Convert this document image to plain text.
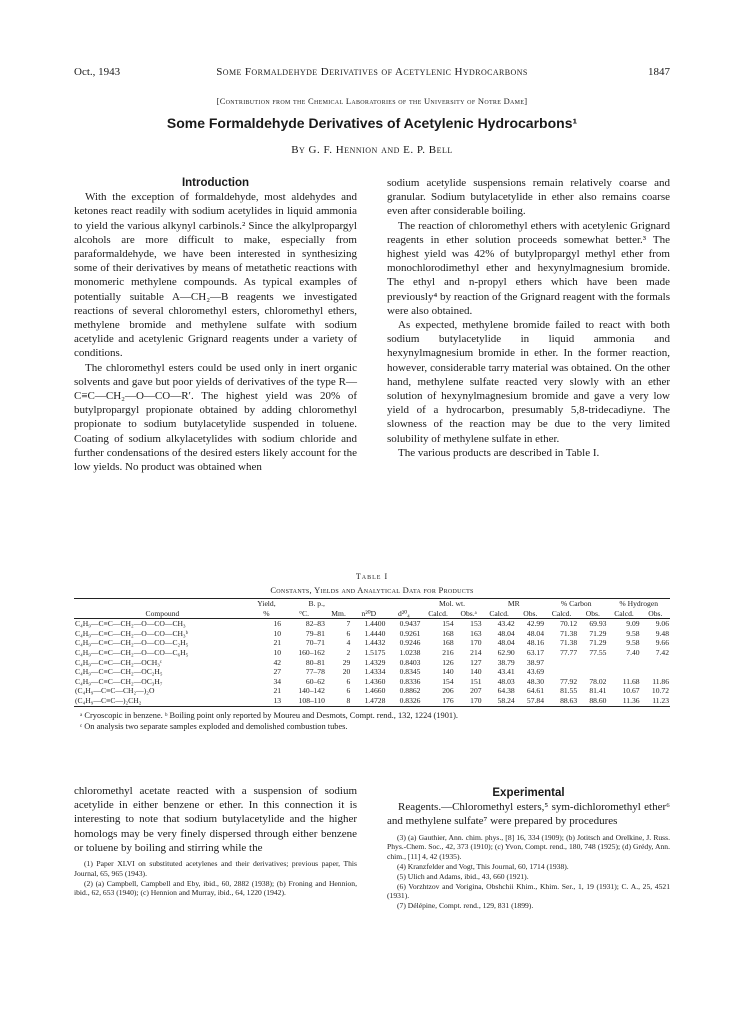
Oct., 1943	Some Formaldehyde Derivatives of Acetylenic Hydrocarbons	1847
[Contribution from the Chemical Laboratories of the University of Notre Dame]
Some Formaldehyde Derivatives of Acetylenic Hydrocarbons¹
By G. F. Hennion and E. P. Bell

Introduction

With the exception of formaldehyde, most aldehydes and ketones react readily with sodium acetylides in liquid ammonia to yield the various alkynyl carbinols.² Since the alkylpropargyl alcohols are more difficult to make, especially from paraformaldehyde, we have been interested in synthesizing some of their derivatives by means of metathetic reactions with monomeric methylene compounds. As typical examples of potentially suitable A—CH₂—B reagents we investigated reactions of several chloromethyl esters, chloromethyl ethers, methylene bromide and methylene sulfate with sodium acetylide and acetylenic Grignard reagents under a variety of conditions.

The chloromethyl esters could be used only in inert organic solvents and gave but poor yields of derivatives of the type R—C≡C—CH₂—O—CO—R′. The highest yield was 20% of butylpropargyl propionate obtained by adding chloromethyl propionate to sodium butylacetylide suspended in toluene. Coating of sodium alkylacetylides with sodium chloride and further condensations of the desired esters likely account for the low yields. No product was obtained when

sodium acetylide suspensions remain relatively coarse and granular. Sodium butylacetylide in ether also remains coarse even after considerable boiling.

The reaction of chloromethyl ethers with acetylenic Grignard reagents in ether solution proceeds somewhat better.³ The highest yield was 42% of butylpropargyl methyl ether from monochlorodimethyl ether and hexynylmagnesium bromide. The ethyl and n-propyl ethers which have been made previously⁴ by reaction of the Grignard reagent with the formals were also obtained.

As expected, methylene bromide failed to react with both sodium butylacetylide in liquid ammonia and hexynylmagnesium bromide in ether. In the former reaction, however, considerable tarry material was obtained. On the other hand, methylene sulfate reacted very slowly with an ether solution of hexynylmagnesium bromide and gave a very low yield of a hydrocarbon, presumably 5,8-tridecadiyne. The slowness of the reaction may be due to the very limited solubility of methylene sulfate in ether.

The various products are described in Table I.

Table I
Constants, Yields and Analytical Data for Products
	Yield,	B. p.,				Mol. wt.		MR		% Carbon		% Hydrogen	
Compound	%	°C.	Mm.	n²⁰D	d²⁰₄	Calcd.	Obs.ᵃ	Calcd.	Obs.	Calcd.	Obs.	Calcd.	Obs.
C₄H₉—C≡C—CH₂—O—CO—CH₃	16	82–83	7	1.4400	0.9437	154	153	43.42	42.99	70.12	69.93	9.09	9.06
C₄H₉—C≡C—CH₂—O—CO—CH₃ᵇ	10	79–81	6	1.4440	0.9261	168	163	48.04	48.04	71.38	71.29	9.58	9.48
C₄H₉—C≡C—CH₂—O—CO—C₂H₅	21	70–71	4	1.4432	0.9246	168	170	48.04	48.16	71.38	71.29	9.58	9.66
C₄H₉—C≡C—CH₂—O—CO—C₆H₅	10	160–162	2	1.5175	1.0238	216	214	62.90	63.17	77.77	77.55	7.40	7.42
C₄H₉—C≡C—CH₂—OCH₃ᶜ	42	80–81	29	1.4329	0.8403	126	127	38.79	38.97				
C₄H₉—C≡C—CH₂—OC₂H₅	27	77–78	20	1.4334	0.8345	140	140	43.41	43.69				
C₄H₉—C≡C—CH₂—OC₃H₇	34	60–62	6	1.4360	0.8336	154	151	48.03	48.30	77.92	78.02	11.68	11.86
(C₄H₉—C≡C—CH₂—)₂O	21	140–142	6	1.4660	0.8862	206	207	64.38	64.61	81.55	81.41	10.67	10.72
(C₄H₉—C≡C—)₂CH₂	13	108–110	8	1.4728	0.8326	176	170	58.24	57.84	88.63	88.60	11.36	11.23
ᵃ Cryoscopic in benzene. ᵇ Boiling point only reported by Moureu and Desmots, Compt. rend., 132, 1224 (1901).
ᶜ On analysis two separate samples exploded and demolished combustion tubes.

chloromethyl acetate reacted with a suspension of sodium acetylide in either benzene or ether. In this connection it is interesting to note that sodium butylacetylide and the higher homologs may be very finely dispersed through either benzene or toluene by boiling and stirring while the

(1) Paper XLVI on substituted acetylenes and their derivatives; previous paper, This Journal, 65, 965 (1943).

(2) (a) Campbell, Campbell and Eby, ibid., 60, 2882 (1938); (b) Froning and Hennion, ibid., 62, 653 (1940); (c) Hennion and Murray, ibid., 64, 1220 (1942).

Experimental

Reagents.—Chloromethyl esters,⁵ sym-dichloromethyl ether⁶ and methylene sulfate⁷ were prepared by procedures

(3) (a) Gauthier, Ann. chim. phys., [8] 16, 334 (1909); (b) Jotitsch and Orelkine, J. Russ. Phys.-Chem. Soc., 42, 373 (1910); (c) Yvon, Compt. rend., 180, 748 (1925); (d) Grédy, Ann. chim., [11] 4, 42 (1935).

(4) Kranzfelder and Vogt, This Journal, 60, 1714 (1938).

(5) Ulich and Adams, ibid., 43, 660 (1921).

(6) Vorzhtzov and Vorigina, Obshchii Khim., Khim. Ser., 1, 19 (1931); C. A., 25, 4521 (1931).

(7) Délépine, Compt. rend., 129, 831 (1899).
